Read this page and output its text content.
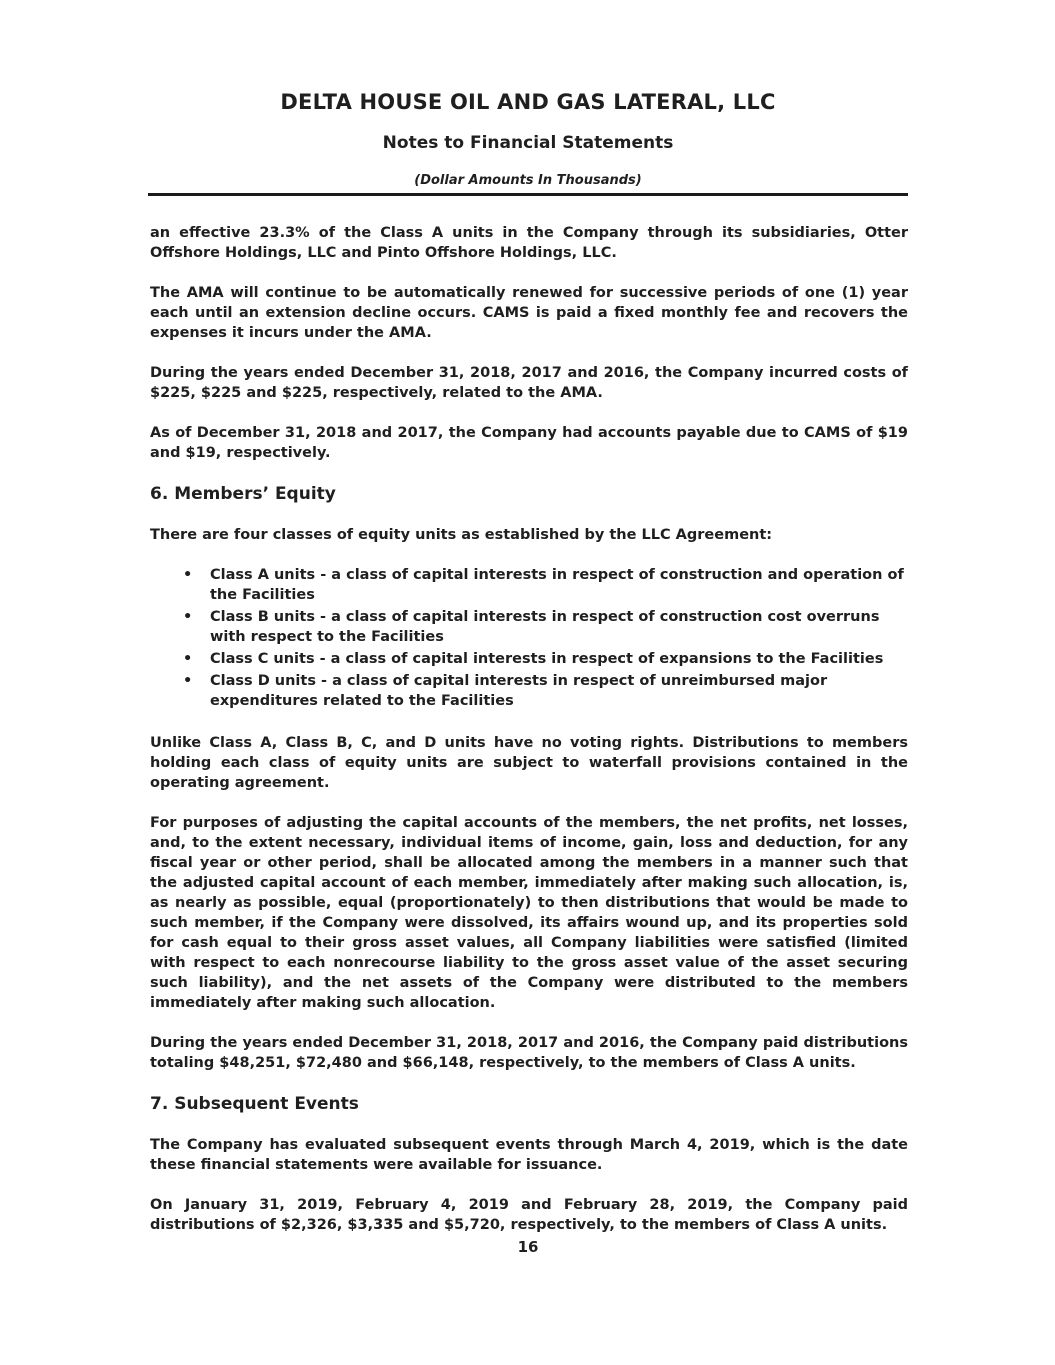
DELTA HOUSE OIL AND GAS LATERAL, LLC
Notes to Financial Statements
(Dollar Amounts In Thousands)

an effective 23.3% of the Class A units in the Company through its subsidiaries, Otter Offshore Holdings, LLC and Pinto Offshore Holdings, LLC.

The AMA will continue to be automatically renewed for successive periods of one (1) year each until an extension decline occurs. CAMS is paid a fixed monthly fee and recovers the expenses it incurs under the AMA.

During the years ended December 31, 2018, 2017 and 2016, the Company incurred costs of $225, $225 and $225, respectively, related to the AMA.

As of December 31, 2018 and 2017, the Company had accounts payable due to CAMS of $19 and $19, respectively.

6. Members’ Equity

There are four classes of equity units as established by the LLC Agreement:

• Class A units - a class of capital interests in respect of construction and operation of the Facilities
• Class B units - a class of capital interests in respect of construction cost overruns with respect to the Facilities
• Class C units - a class of capital interests in respect of expansions to the Facilities
• Class D units - a class of capital interests in respect of unreimbursed major expenditures related to the Facilities

Unlike Class A, Class B, C, and D units have no voting rights. Distributions to members holding each class of equity units are subject to waterfall provisions contained in the operating agreement.

For purposes of adjusting the capital accounts of the members, the net profits, net losses, and, to the extent necessary, individual items of income, gain, loss and deduction, for any fiscal year or other period, shall be allocated among the members in a manner such that the adjusted capital account of each member, immediately after making such allocation, is, as nearly as possible, equal (proportionately) to then distributions that would be made to such member, if the Company were dissolved, its affairs wound up, and its properties sold for cash equal to their gross asset values, all Company liabilities were satisfied (limited with respect to each nonrecourse liability to the gross asset value of the asset securing such liability), and the net assets of the Company were distributed to the members immediately after making such allocation.

During the years ended December 31, 2018, 2017 and 2016, the Company paid distributions totaling $48,251, $72,480 and $66,148, respectively, to the members of Class A units.

7. Subsequent Events

The Company has evaluated subsequent events through March 4, 2019, which is the date these financial statements were available for issuance.

On January 31, 2019, February 4, 2019 and February 28, 2019, the Company paid distributions of $2,326, $3,335 and $5,720, respectively, to the members of Class A units.

16
